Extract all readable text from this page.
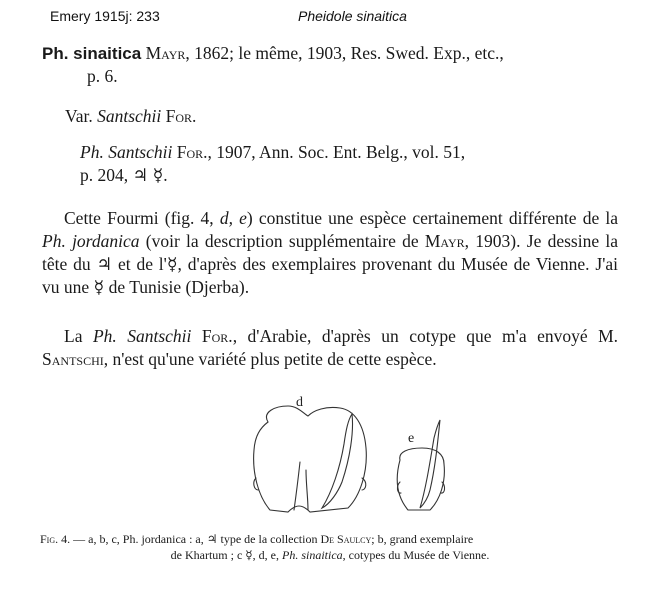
Emery 1915j: 233	Pheidole sinaitica
Ph. sinaitica Mayr, 1862; le même, 1903, Res. Swed. Exp., etc.,
p. 6.
Var. Santschii For.
Ph. Santschii For., 1907, Ann. Soc. Ent. Belg., vol. 51,
p. 204, ♃ ☿.
Cette Fourmi (fig. 4, d, e) constitue une espèce certainement différente de la Ph. jordanica (voir la description supplémentaire de Mayr, 1903). Je dessine la tête du ♃ et de l'☿, d'après des exemplaires provenant du Musée de Vienne. J'ai vu une ☿ de Tunisie (Djerba).
La Ph. Santschii For., d'Arabie, d'après un cotype que m'a envoyé M. Santschi, n'est qu'une variété plus petite de cette espèce.
d
e
Fig. 4. — a, b, c, Ph. jordanica : a, ♃ type de la collection De Saulcy; b, grand exemplaire
de Khartum ; c ☿, d, e, Ph. sinaitica, cotypes du Musée de Vienne.
